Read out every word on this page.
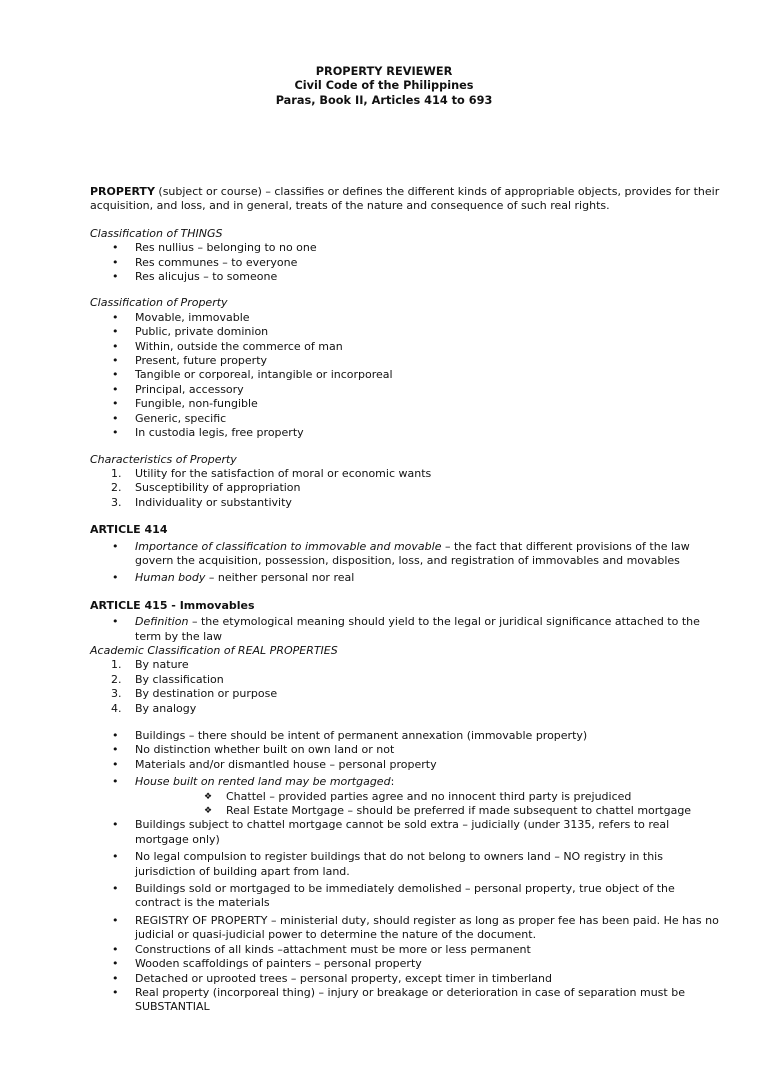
PROPERTY REVIEWER
Civil Code of the Philippines
Paras, Book II, Articles 414 to 693

PROPERTY (subject or course) – classifies or defines the different kinds of appropriable objects, provides for their acquisition, and loss, and in general, treats of the nature and consequence of such real rights.

Classification of THINGS
• Res nullius – belonging to no one
• Res communes – to everyone
• Res alicujus – to someone
Classification of Property
• Movable, immovable
• Public, private dominion
• Within, outside the commerce of man
• Present, future property
• Tangible or corporeal, intangible or incorporeal
• Principal, accessory
• Fungible, non-fungible
• Generic, specific
• In custodia legis, free property
Characteristics of Property
1. Utility for the satisfaction of moral or economic wants
2. Susceptibility of appropriation
3. Individuality or substantivity
ARTICLE 414
• Importance of classification to immovable and movable – the fact that different provisions of the law govern the acquisition, possession, disposition, loss, and registration of immovables and movables
• Human body – neither personal nor real
ARTICLE 415 - Immovables
• Definition – the etymological meaning should yield to the legal or juridical significance attached to the term by the law
Academic Classification of REAL PROPERTIES
1. By nature
2. By classification
3. By destination or purpose
4. By analogy
• Buildings – there should be intent of permanent annexation (immovable property)
• No distinction whether built on own land or not
• Materials and/or dismantled house – personal property
• House built on rented land may be mortgaged:
❖ Chattel – provided parties agree and no innocent third party is prejudiced
❖ Real Estate Mortgage – should be preferred if made subsequent to chattel mortgage
• Buildings subject to chattel mortgage cannot be sold extra – judicially (under 3135, refers to real mortgage only)
• No legal compulsion to register buildings that do not belong to owners land – NO registry in this jurisdiction of building apart from land.
• Buildings sold or mortgaged to be immediately demolished – personal property, true object of the contract is the materials
• REGISTRY OF PROPERTY – ministerial duty, should register as long as proper fee has been paid. He has no judicial or quasi-judicial power to determine the nature of the document.
• Constructions of all kinds –attachment must be more or less permanent
• Wooden scaffoldings of painters – personal property
• Detached or uprooted trees – personal property, except timer in timberland
• Real property (incorporeal thing) – injury or breakage or deterioration in case of separation must be SUBSTANTIAL
